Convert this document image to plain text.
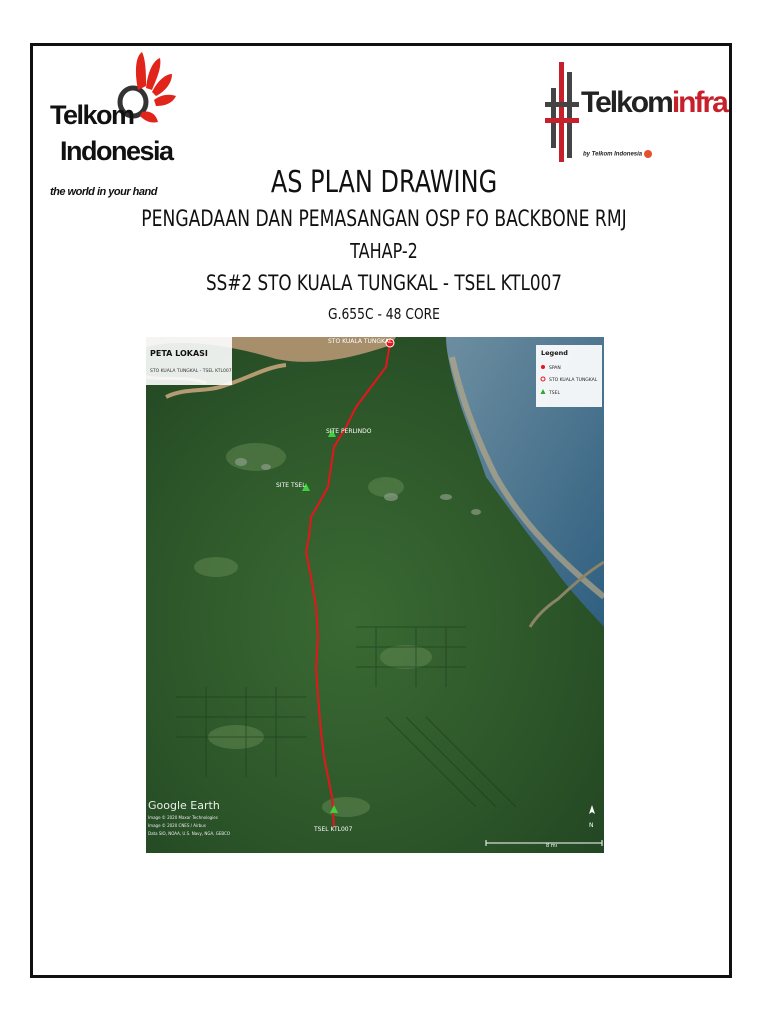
Telkom
Indonesia
the world in your hand
Telkominfra
by Telkom Indonesia
AS PLAN DRAWING
PENGADAAN DAN PEMASANGAN OSP FO BACKBONE RMJ
TAHAP-2
SS#2 STO KUALA TUNGKAL - TSEL KTL007
G.655C - 48 CORE
STO KUALA TUNGKAL
SITE PERLINDO
SITE TSEL
TSEL KTL007
PETA LOKASI
STO KUALA TUNGKAL - TSEL KTL007
Legend
SPAN
STO KUALA TUNGKAL
TSEL
Google Earth
Image © 2020 Maxar Technologies
Image © 2020 CNES / Airbus
Data SIO, NOAA, U.S. Navy, NGA, GEBCO
N
8 mi
